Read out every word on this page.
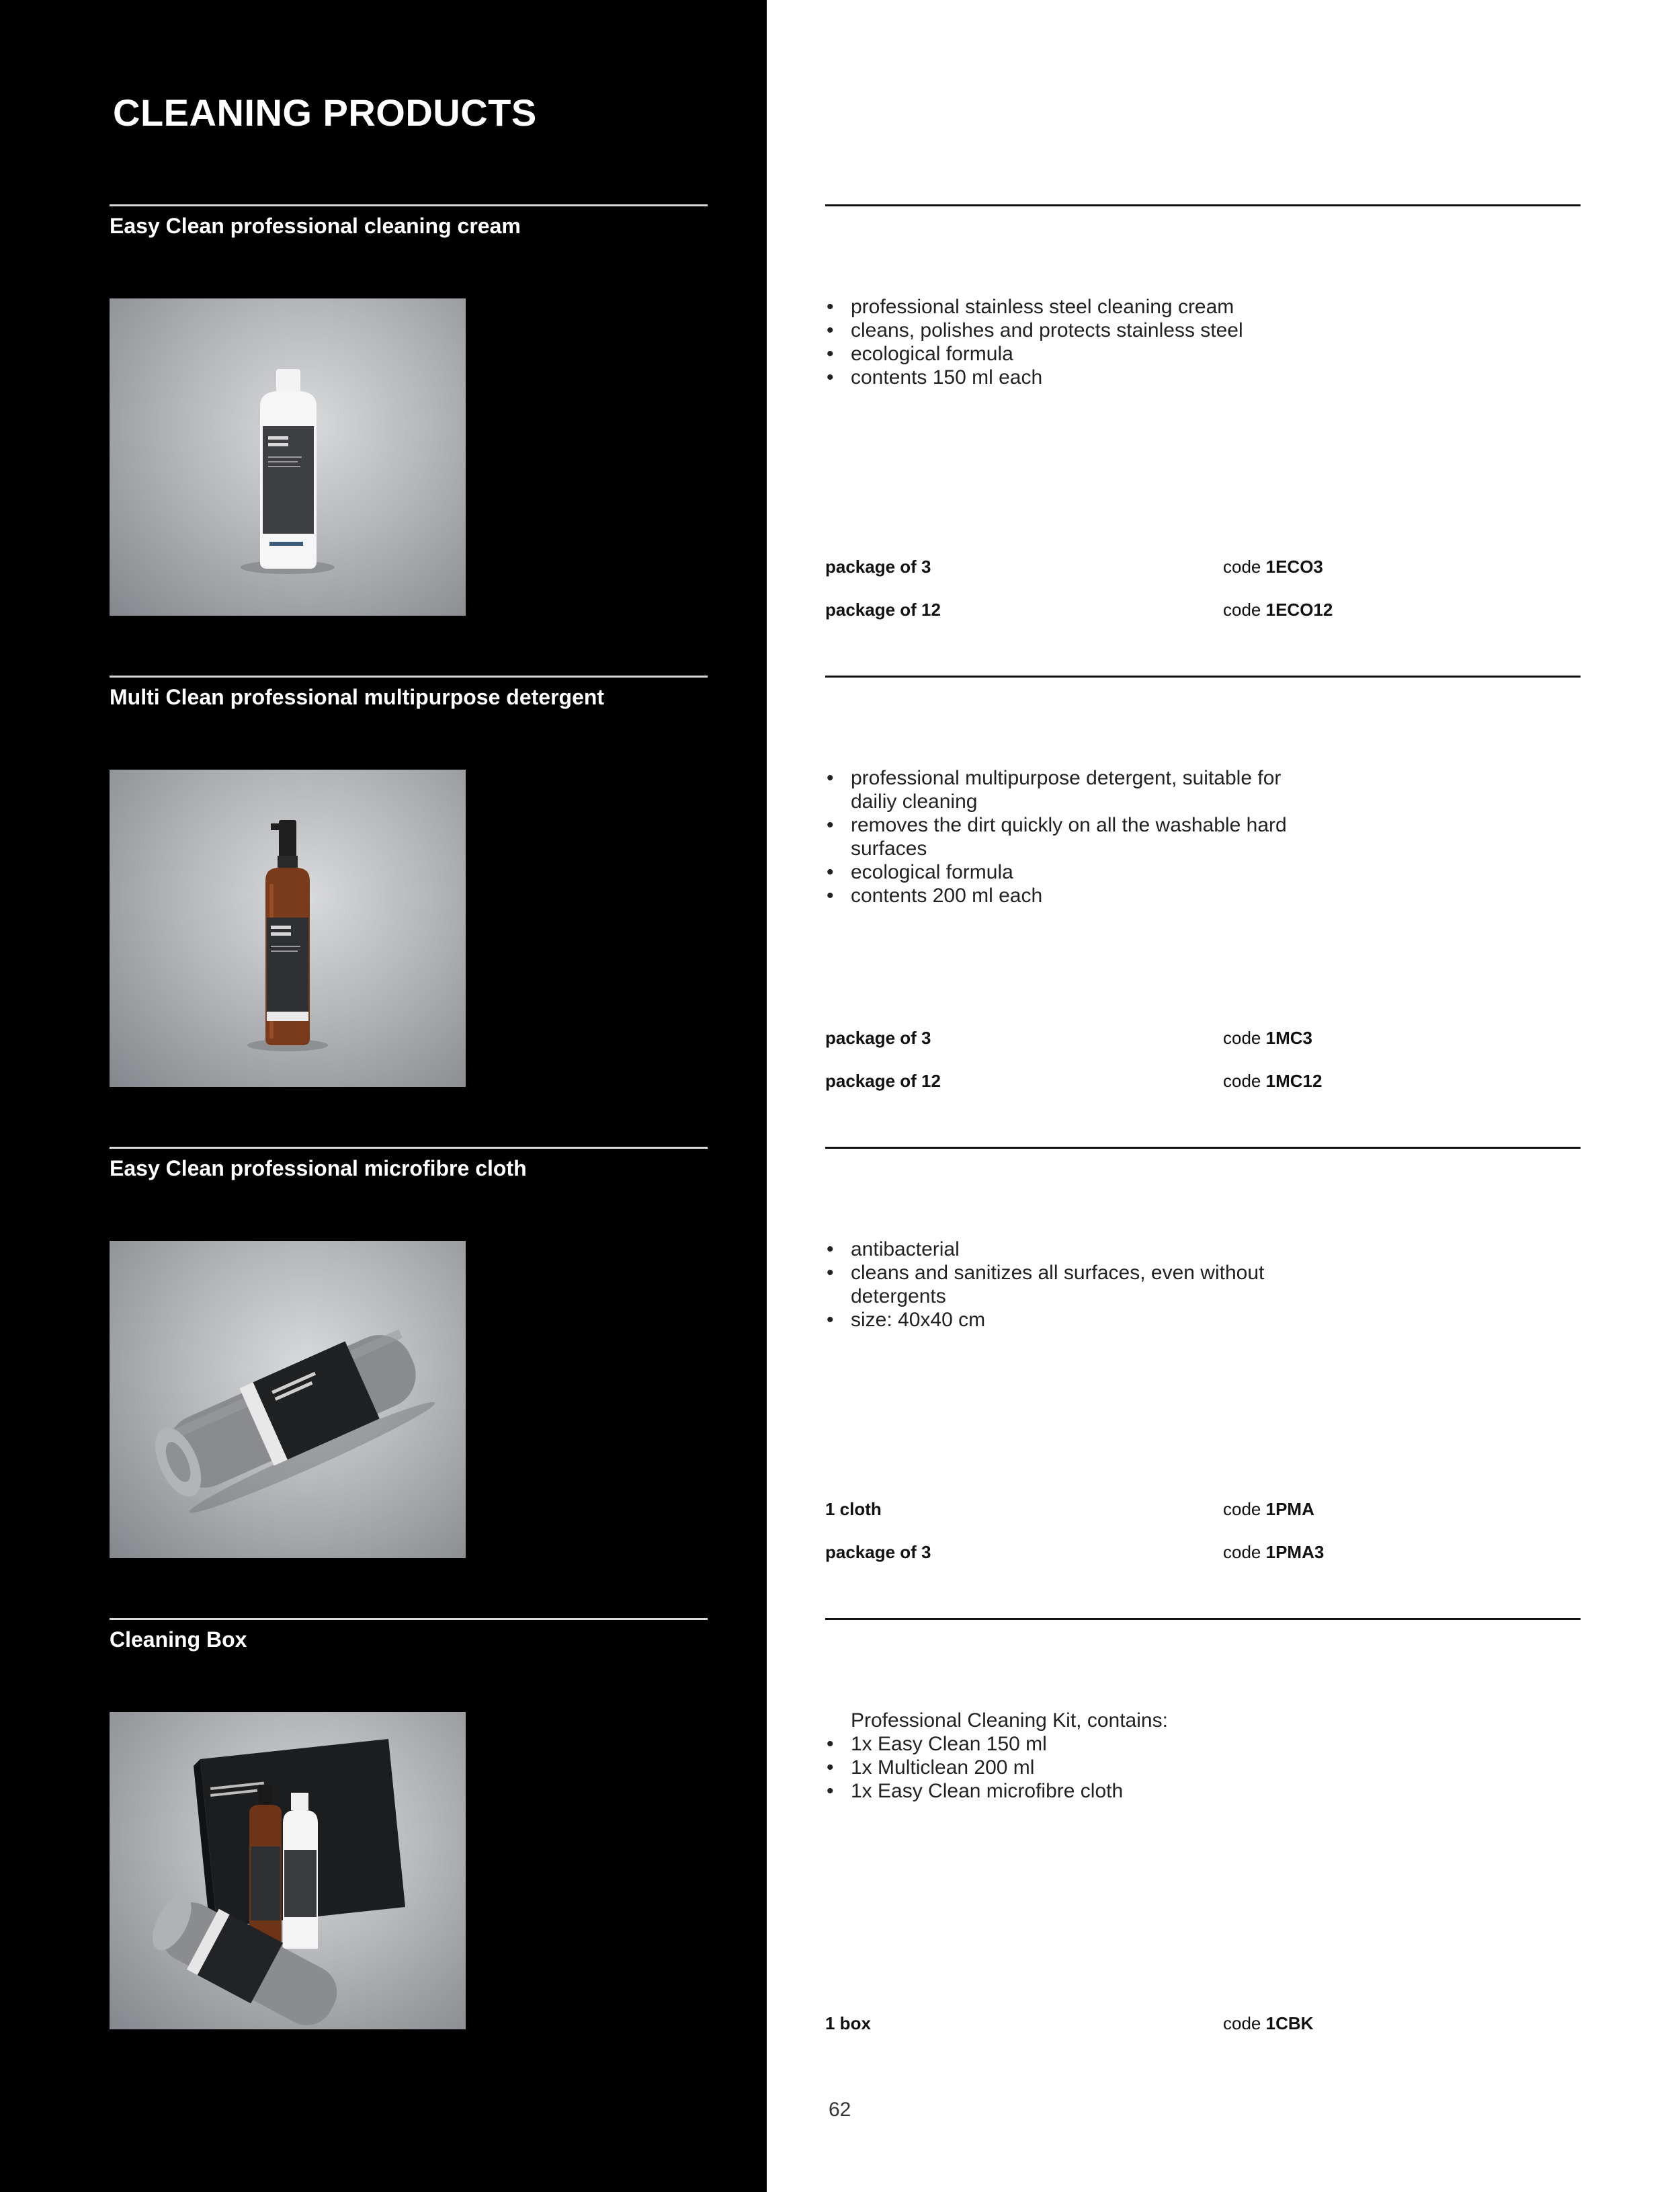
CLEANING PRODUCTS
Easy Clean professional cleaning cream
• professional stainless steel cleaning cream
• cleans, polishes and protects stainless steel
• ecological formula
• contents 150 ml each
package of 3	code 1ECO3
package of 12	code 1ECO12
Multi Clean professional multipurpose detergent
• professional multipurpose detergent, suitable for dailiy cleaning
• removes the dirt quickly on all the washable hard surfaces
• ecological formula
• contents 200 ml each
package of 3	code 1MC3
package of 12	code 1MC12
Easy Clean professional microfibre cloth
• antibacterial
• cleans and sanitizes all surfaces, even without detergents
• size: 40x40 cm
1 cloth	code 1PMA
package of 3	code 1PMA3
Cleaning Box
Professional Cleaning Kit, contains:
• 1x Easy Clean 150 ml
• 1x Multiclean 200 ml
• 1x Easy Clean microfibre cloth
1 box	code 1CBK
62
